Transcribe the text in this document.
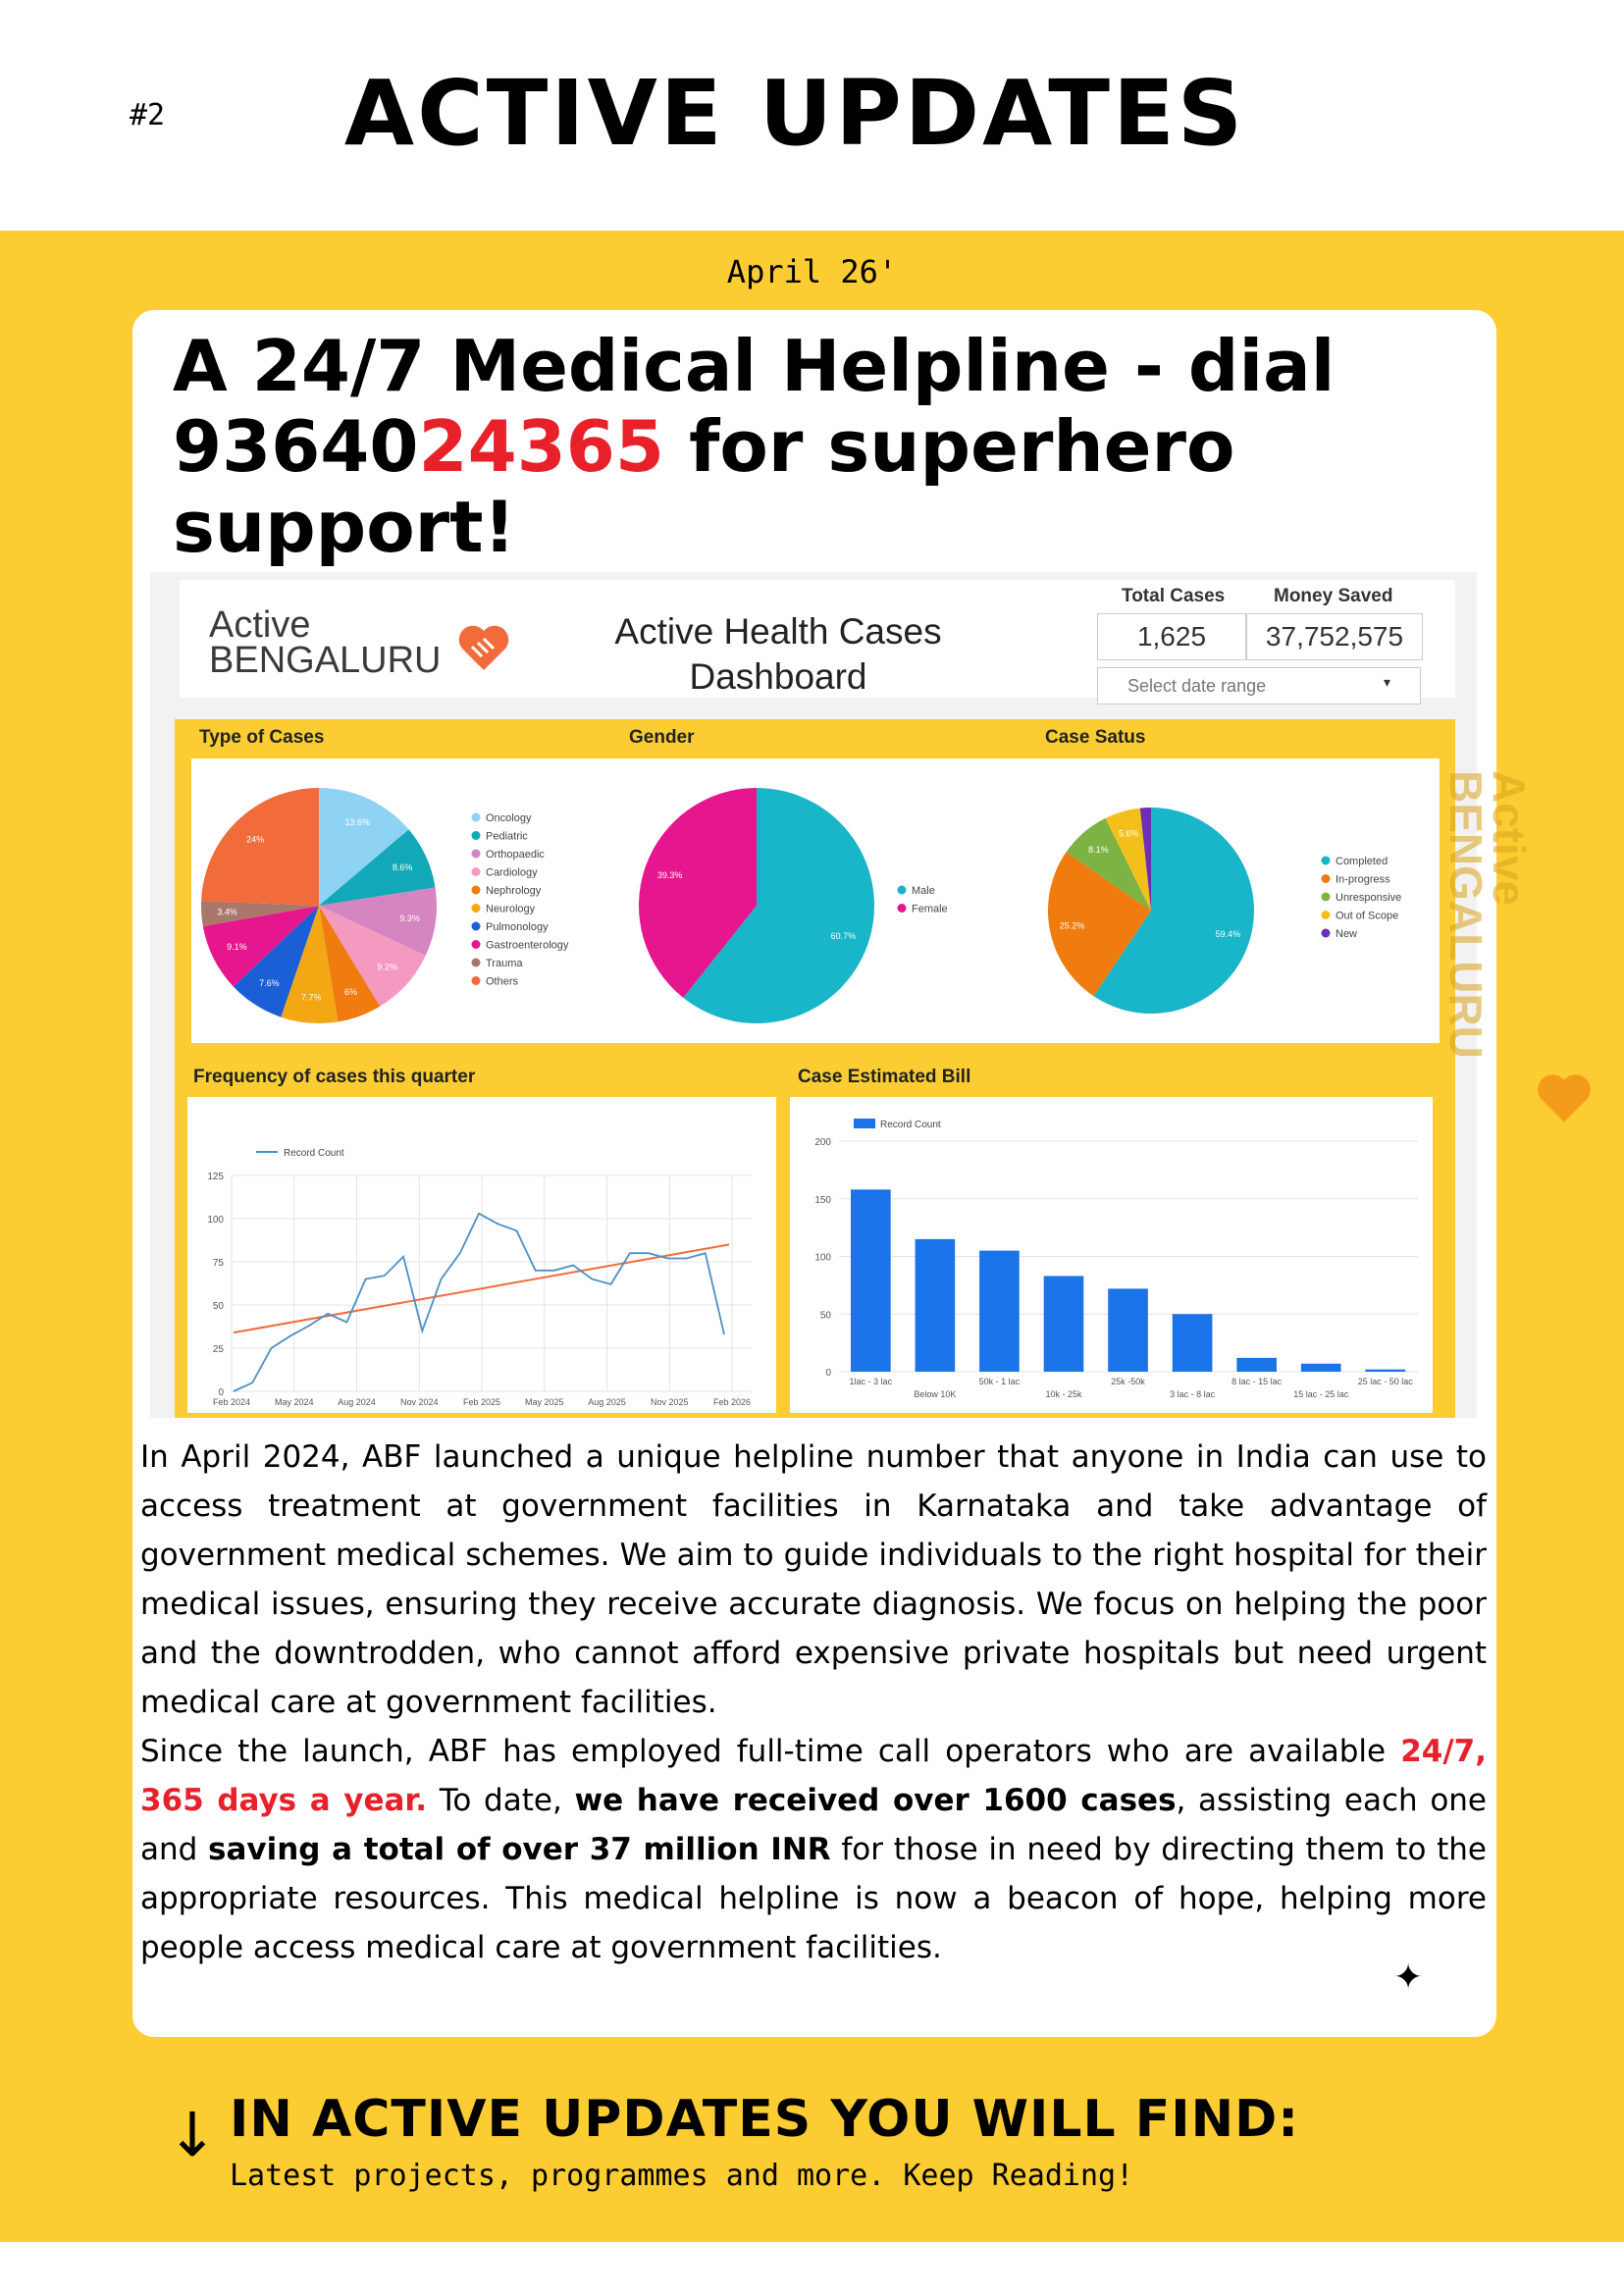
#2	ACTIVE UPDATES
April 26'
A 24/7 Medical Helpline - dial 9364024365 for superhero support!
Active
BENGALURU
Active Health Cases Dashboard
Total Cases	Money Saved
1,625	37,752,575
Select date range	▾
Type of Cases	Gender	Case Satus
13.6%
8.6%
9.3%
9.2%
6%
7.7%
7.6%
9.1%
3.4%
24%
Oncology
Pediatric
Orthopaedic
Cardiology
Nephrology
Neurology
Pulmonology
Gastroenterology
Trauma
Others
60.7%
39.3%
Male
Female
59.4%
25.2%
8.1%
5.6%
Completed
In-progress
Unresponsive
Out of Scope
New
Frequency of cases this quarter	Case Estimated Bill
0
25
50
75
100
125
Feb 2024	May 2024	Aug 2024	Nov 2024	Feb 2025	May 2025	Aug 2025	Nov 2025	Feb 2026
Record Count
0
50
100
150
200
1lac - 3 lac
Below 10K
50k - 1 lac
10k - 25k
25k -50k
3 lac - 8 lac
8 lac - 15 lac
15 lac - 25 lac
25 lac - 50 lac
Record Count
Active
BENGALURU

In April 2024, ABF launched a unique helpline number that anyone in India can use to access treatment at government facilities in Karnataka and take advantage of government medical schemes. We aim to guide individuals to the right hospital for their medical issues, ensuring they receive accurate diagnosis. We focus on helping the poor and the downtrodden, who cannot afford expensive private hospitals but need urgent medical care at government facilities.

Since the launch, ABF has employed full-time call operators who are available 24/7, 365 days a year. To date, we have received over 1600 cases, assisting each one and saving a total of over 37 million INR for those in need by directing them to the appropriate resources. This medical helpline is now a beacon of hope, helping more people access medical care at government facilities.

✦
↓ IN ACTIVE UPDATES YOU WILL FIND:

Latest projects, programmes and more. Keep Reading!
